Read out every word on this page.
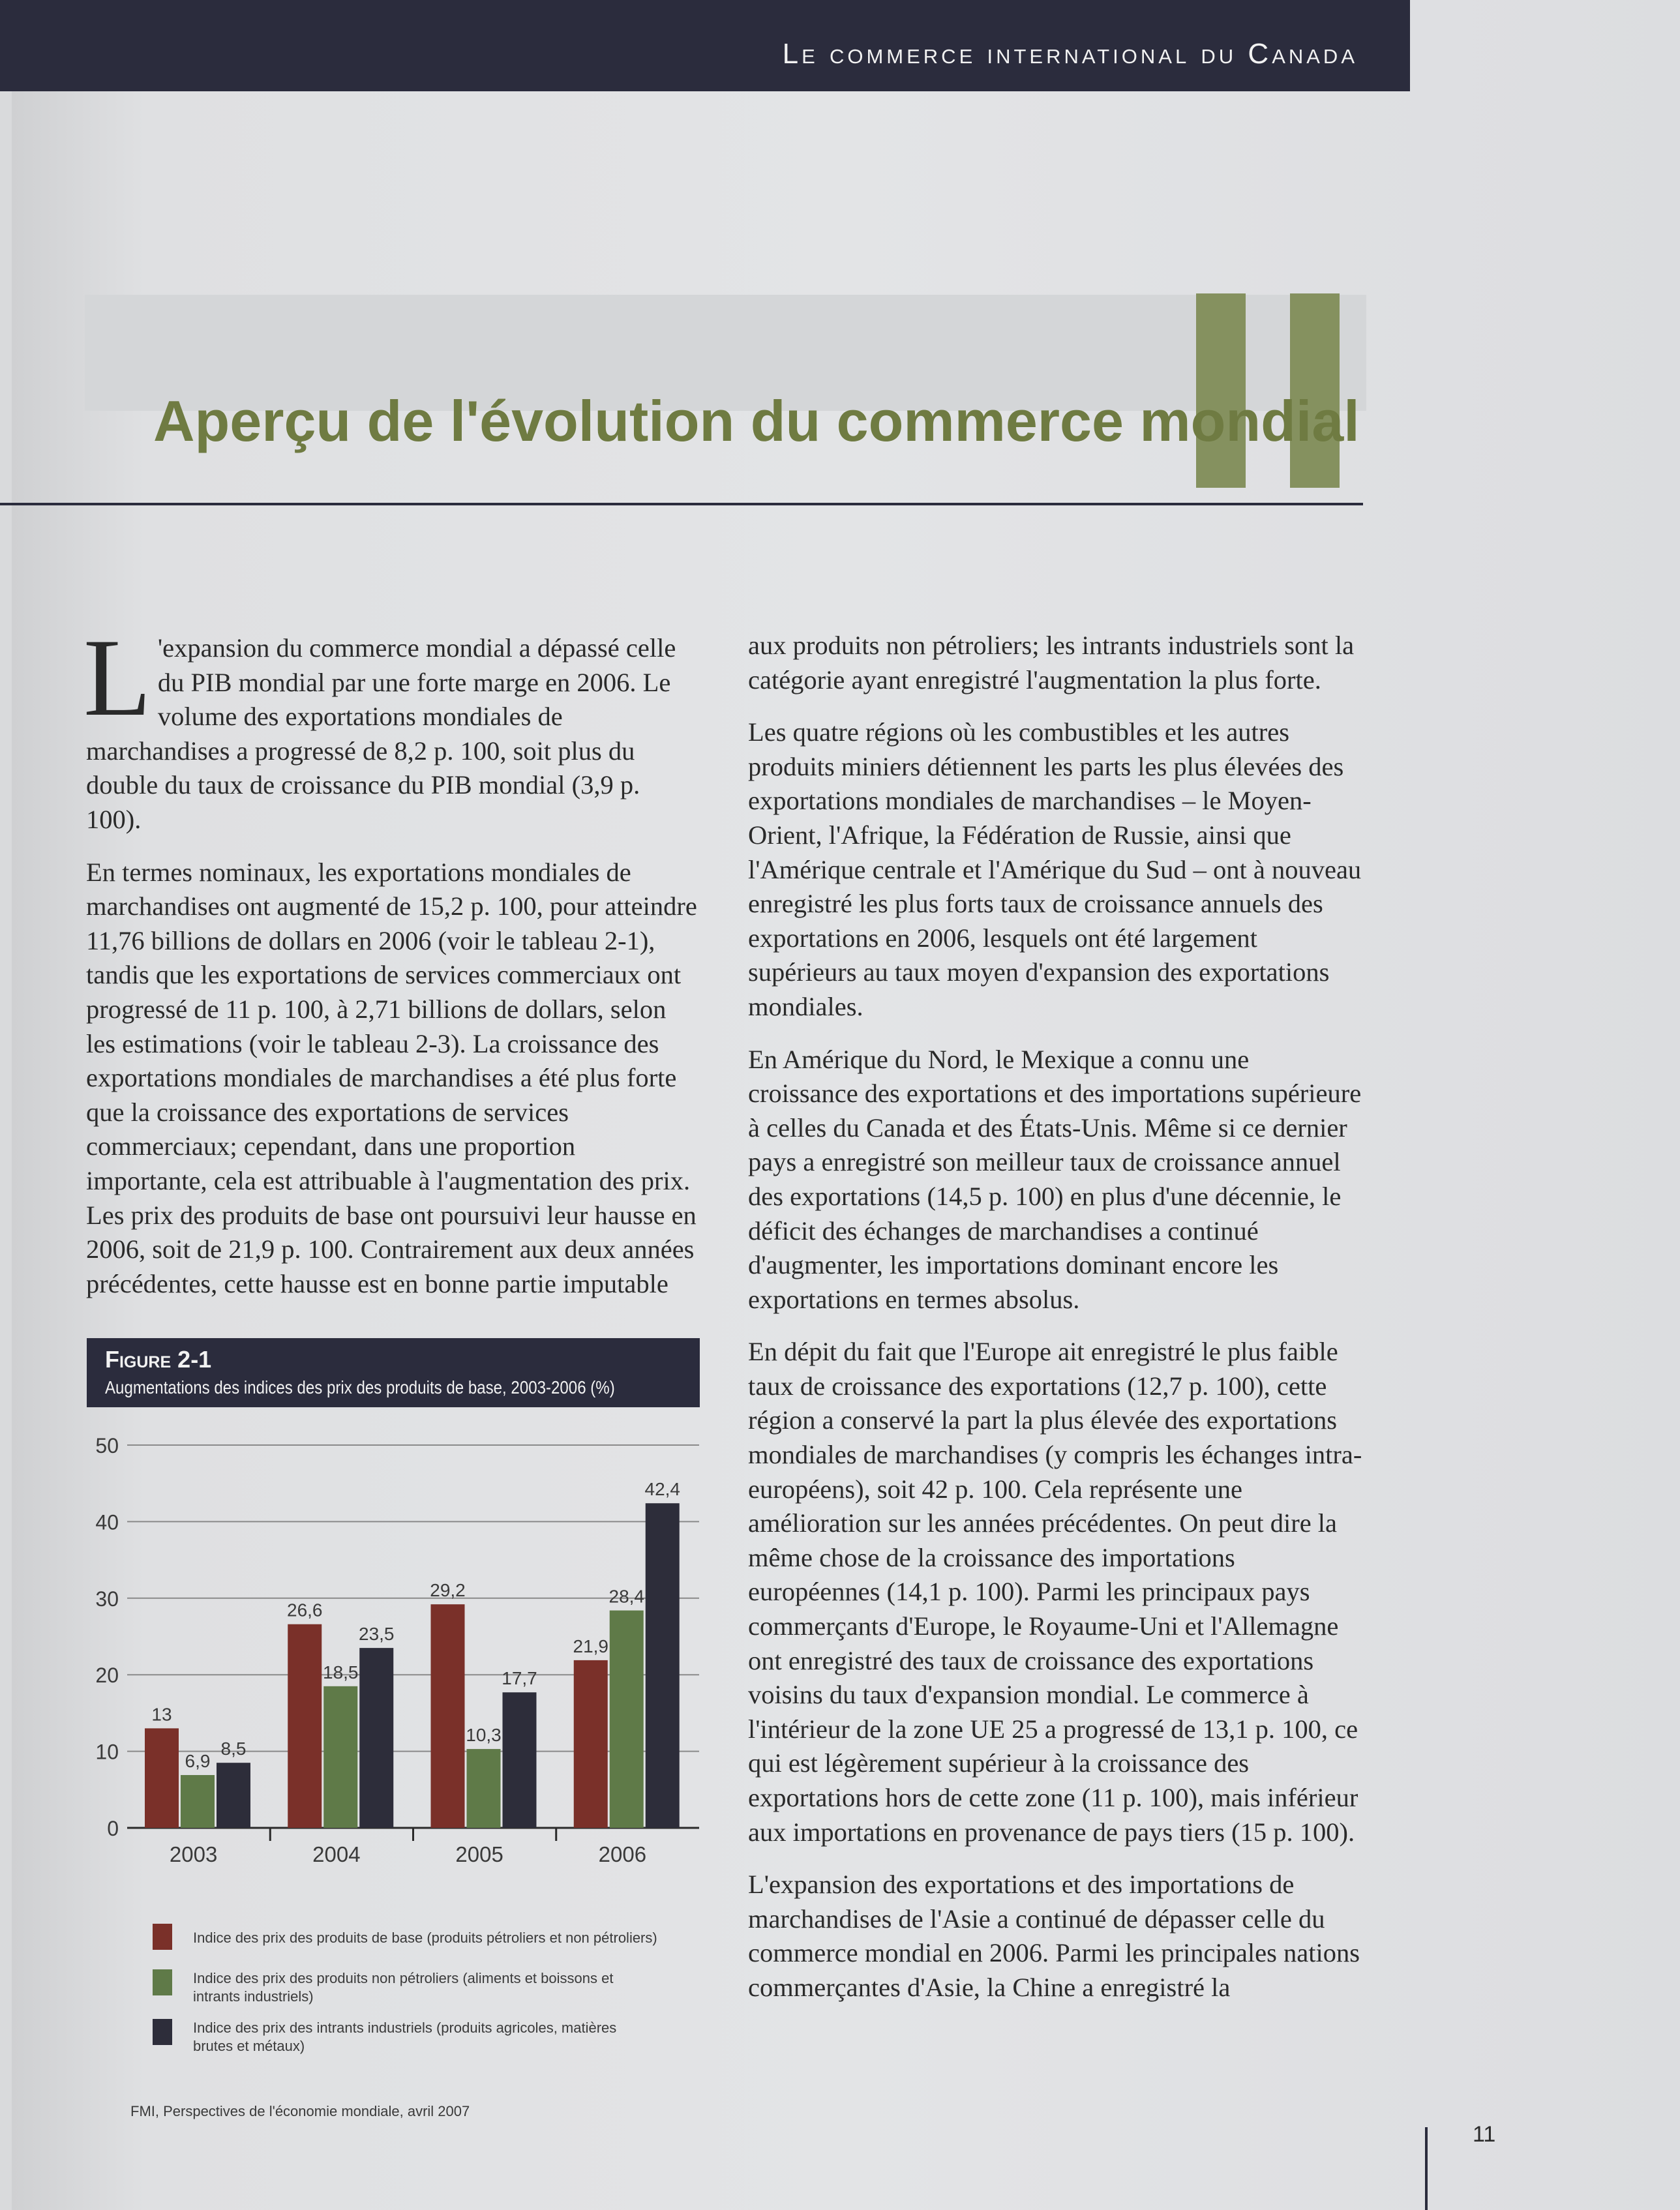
Le commerce international du Canada
Aperçu de l'évolution du commerce mondial

L 'expansion du commerce mondial a dépassé celle du PIB mondial par une forte marge en 2006. Le volume des exportations mondiales de marchandises a progressé de 8,2 p. 100, soit plus du double du taux de croissance du PIB mondial (3,9 p. 100).

En termes nominaux, les exportations mondiales de marchandises ont augmenté de 15,2 p. 100, pour atteindre 11,76 billions de dollars en 2006 (voir le tableau 2-1), tandis que les exportations de services commerciaux ont progressé de 11 p. 100, à 2,71 billions de dollars, selon les estimations (voir le tableau 2-3). La croissance des exportations mondiales de marchandises a été plus forte que la croissance des exportations de services commerciaux; cependant, dans une proportion importante, cela est attribuable à l'augmentation des prix. Les prix des produits de base ont poursuivi leur hausse en 2006, soit de 21,9 p. 100. Contrairement aux deux années précédentes, cette hausse est en bonne partie imputable

aux produits non pétroliers; les intrants industriels sont la catégorie ayant enregistré l'augmentation la plus forte.

Les quatre régions où les combustibles et les autres produits miniers détiennent les parts les plus élevées des exportations mondiales de marchandises – le Moyen-Orient, l'Afrique, la Fédération de Russie, ainsi que l'Amérique centrale et l'Amérique du Sud – ont à nouveau enregistré les plus forts taux de croissance annuels des exportations en 2006, lesquels ont été largement supérieurs au taux moyen d'expansion des exportations mondiales.

En Amérique du Nord, le Mexique a connu une croissance des exportations et des importations supérieure à celles du Canada et des États-Unis. Même si ce dernier pays a enregistré son meilleur taux de croissance annuel des exportations (14,5 p. 100) en plus d'une décennie, le déficit des échanges de marchandises a continué d'augmenter, les importations dominant encore les exportations en termes absolus.

En dépit du fait que l'Europe ait enregistré le plus faible taux de croissance des exportations (12,7 p. 100), cette région a conservé la part la plus élevée des exportations mondiales de marchandises (y compris les échanges intra-européens), soit 42 p. 100. Cela représente une amélioration sur les années précédentes. On peut dire la même chose de la croissance des importations européennes (14,1 p. 100). Parmi les principaux pays commerçants d'Europe, le Royaume-Uni et l'Allemagne ont enregistré des taux de croissance des exportations voisins du taux d'expansion mondial. Le commerce à l'intérieur de la zone UE 25 a progressé de 13,1 p. 100, ce qui est légèrement supérieur à la croissance des exportations hors de cette zone (11 p. 100), mais inférieur aux importations en provenance de pays tiers (15 p. 100).

L'expansion des exportations et des importations de marchandises de l'Asie a continué de dépasser celle du commerce mondial en 2006. Parmi les principales nations commerçantes d'Asie, la Chine a enregistré la

Figure 2-1
Augmentations des indices des prix des produits de base, 2003-2006 (%)
0
10
20
30
40
50
2003
13
6,9
8,5
2004
26,6
18,5
23,5
2005
29,2
10,3
17,7
2006
21,9
28,4
42,4
Indice des prix des produits de base (produits pétroliers et non pétroliers)
Indice des prix des produits non pétroliers (aliments et boissons et intrants industriels)
Indice des prix des intrants industriels (produits agricoles, matières brutes et métaux)
FMI, Perspectives de l'économie mondiale, avril 2007
11
